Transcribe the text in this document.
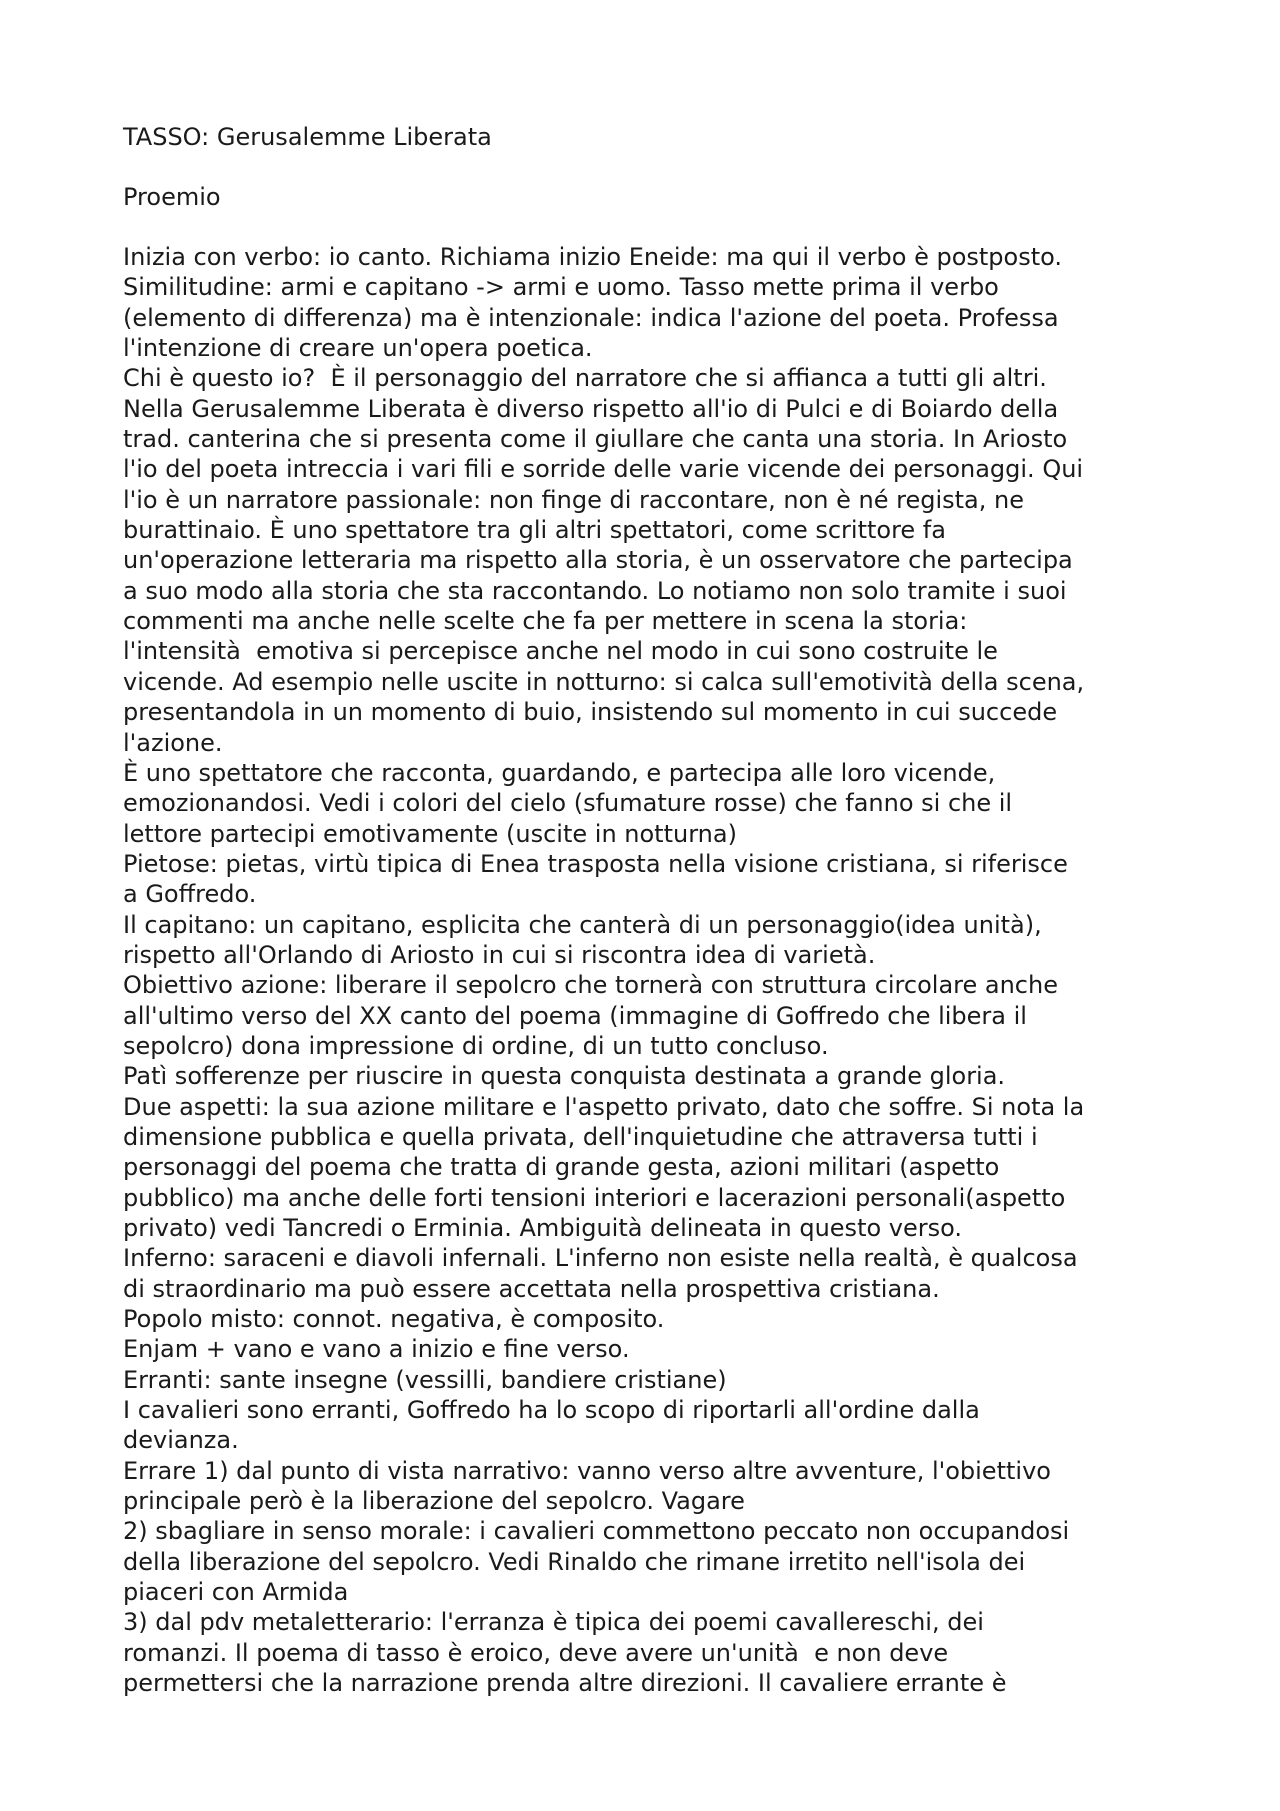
TASSO: Gerusalemme Liberata
Proemio
Inizia con verbo: io canto. Richiama inizio Eneide: ma qui il verbo è postposto.
Similitudine: armi e capitano -> armi e uomo. Tasso mette prima il verbo
(elemento di differenza) ma è intenzionale: indica l'azione del poeta. Professa
l'intenzione di creare un'opera poetica.
Chi è questo io?  È il personaggio del narratore che si affianca a tutti gli altri.
Nella Gerusalemme Liberata è diverso rispetto all'io di Pulci e di Boiardo della
trad. canterina che si presenta come il giullare che canta una storia. In Ariosto
l'io del poeta intreccia i vari fili e sorride delle varie vicende dei personaggi. Qui
l'io è un narratore passionale: non finge di raccontare, non è né regista, ne
burattinaio. È uno spettatore tra gli altri spettatori, come scrittore fa
un'operazione letteraria ma rispetto alla storia, è un osservatore che partecipa
a suo modo alla storia che sta raccontando. Lo notiamo non solo tramite i suoi
commenti ma anche nelle scelte che fa per mettere in scena la storia:
l'intensità  emotiva si percepisce anche nel modo in cui sono costruite le
vicende. Ad esempio nelle uscite in notturno: si calca sull'emotività della scena,
presentandola in un momento di buio, insistendo sul momento in cui succede
l'azione.
È uno spettatore che racconta, guardando, e partecipa alle loro vicende,
emozionandosi. Vedi i colori del cielo (sfumature rosse) che fanno si che il
lettore partecipi emotivamente (uscite in notturna)
Pietose: pietas, virtù tipica di Enea trasposta nella visione cristiana, si riferisce
a Goffredo.
Il capitano: un capitano, esplicita che canterà di un personaggio(idea unità),
rispetto all'Orlando di Ariosto in cui si riscontra idea di varietà.
Obiettivo azione: liberare il sepolcro che tornerà con struttura circolare anche
all'ultimo verso del XX canto del poema (immagine di Goffredo che libera il
sepolcro) dona impressione di ordine, di un tutto concluso.
Patì sofferenze per riuscire in questa conquista destinata a grande gloria.
Due aspetti: la sua azione militare e l'aspetto privato, dato che soffre. Si nota la
dimensione pubblica e quella privata, dell'inquietudine che attraversa tutti i
personaggi del poema che tratta di grande gesta, azioni militari (aspetto
pubblico) ma anche delle forti tensioni interiori e lacerazioni personali(aspetto
privato) vedi Tancredi o Erminia. Ambiguità delineata in questo verso.
Inferno: saraceni e diavoli infernali. L'inferno non esiste nella realtà, è qualcosa
di straordinario ma può essere accettata nella prospettiva cristiana.
Popolo misto: connot. negativa, è composito.
Enjam + vano e vano a inizio e fine verso.
Erranti: sante insegne (vessilli, bandiere cristiane)
I cavalieri sono erranti, Goffredo ha lo scopo di riportarli all'ordine dalla
devianza.
Errare 1) dal punto di vista narrativo: vanno verso altre avventure, l'obiettivo
principale però è la liberazione del sepolcro. Vagare
2) sbagliare in senso morale: i cavalieri commettono peccato non occupandosi
della liberazione del sepolcro. Vedi Rinaldo che rimane irretito nell'isola dei
piaceri con Armida
3) dal pdv metaletterario: l'erranza è tipica dei poemi cavallereschi, dei
romanzi. Il poema di tasso è eroico, deve avere un'unità  e non deve
permettersi che la narrazione prenda altre direzioni. Il cavaliere errante è
